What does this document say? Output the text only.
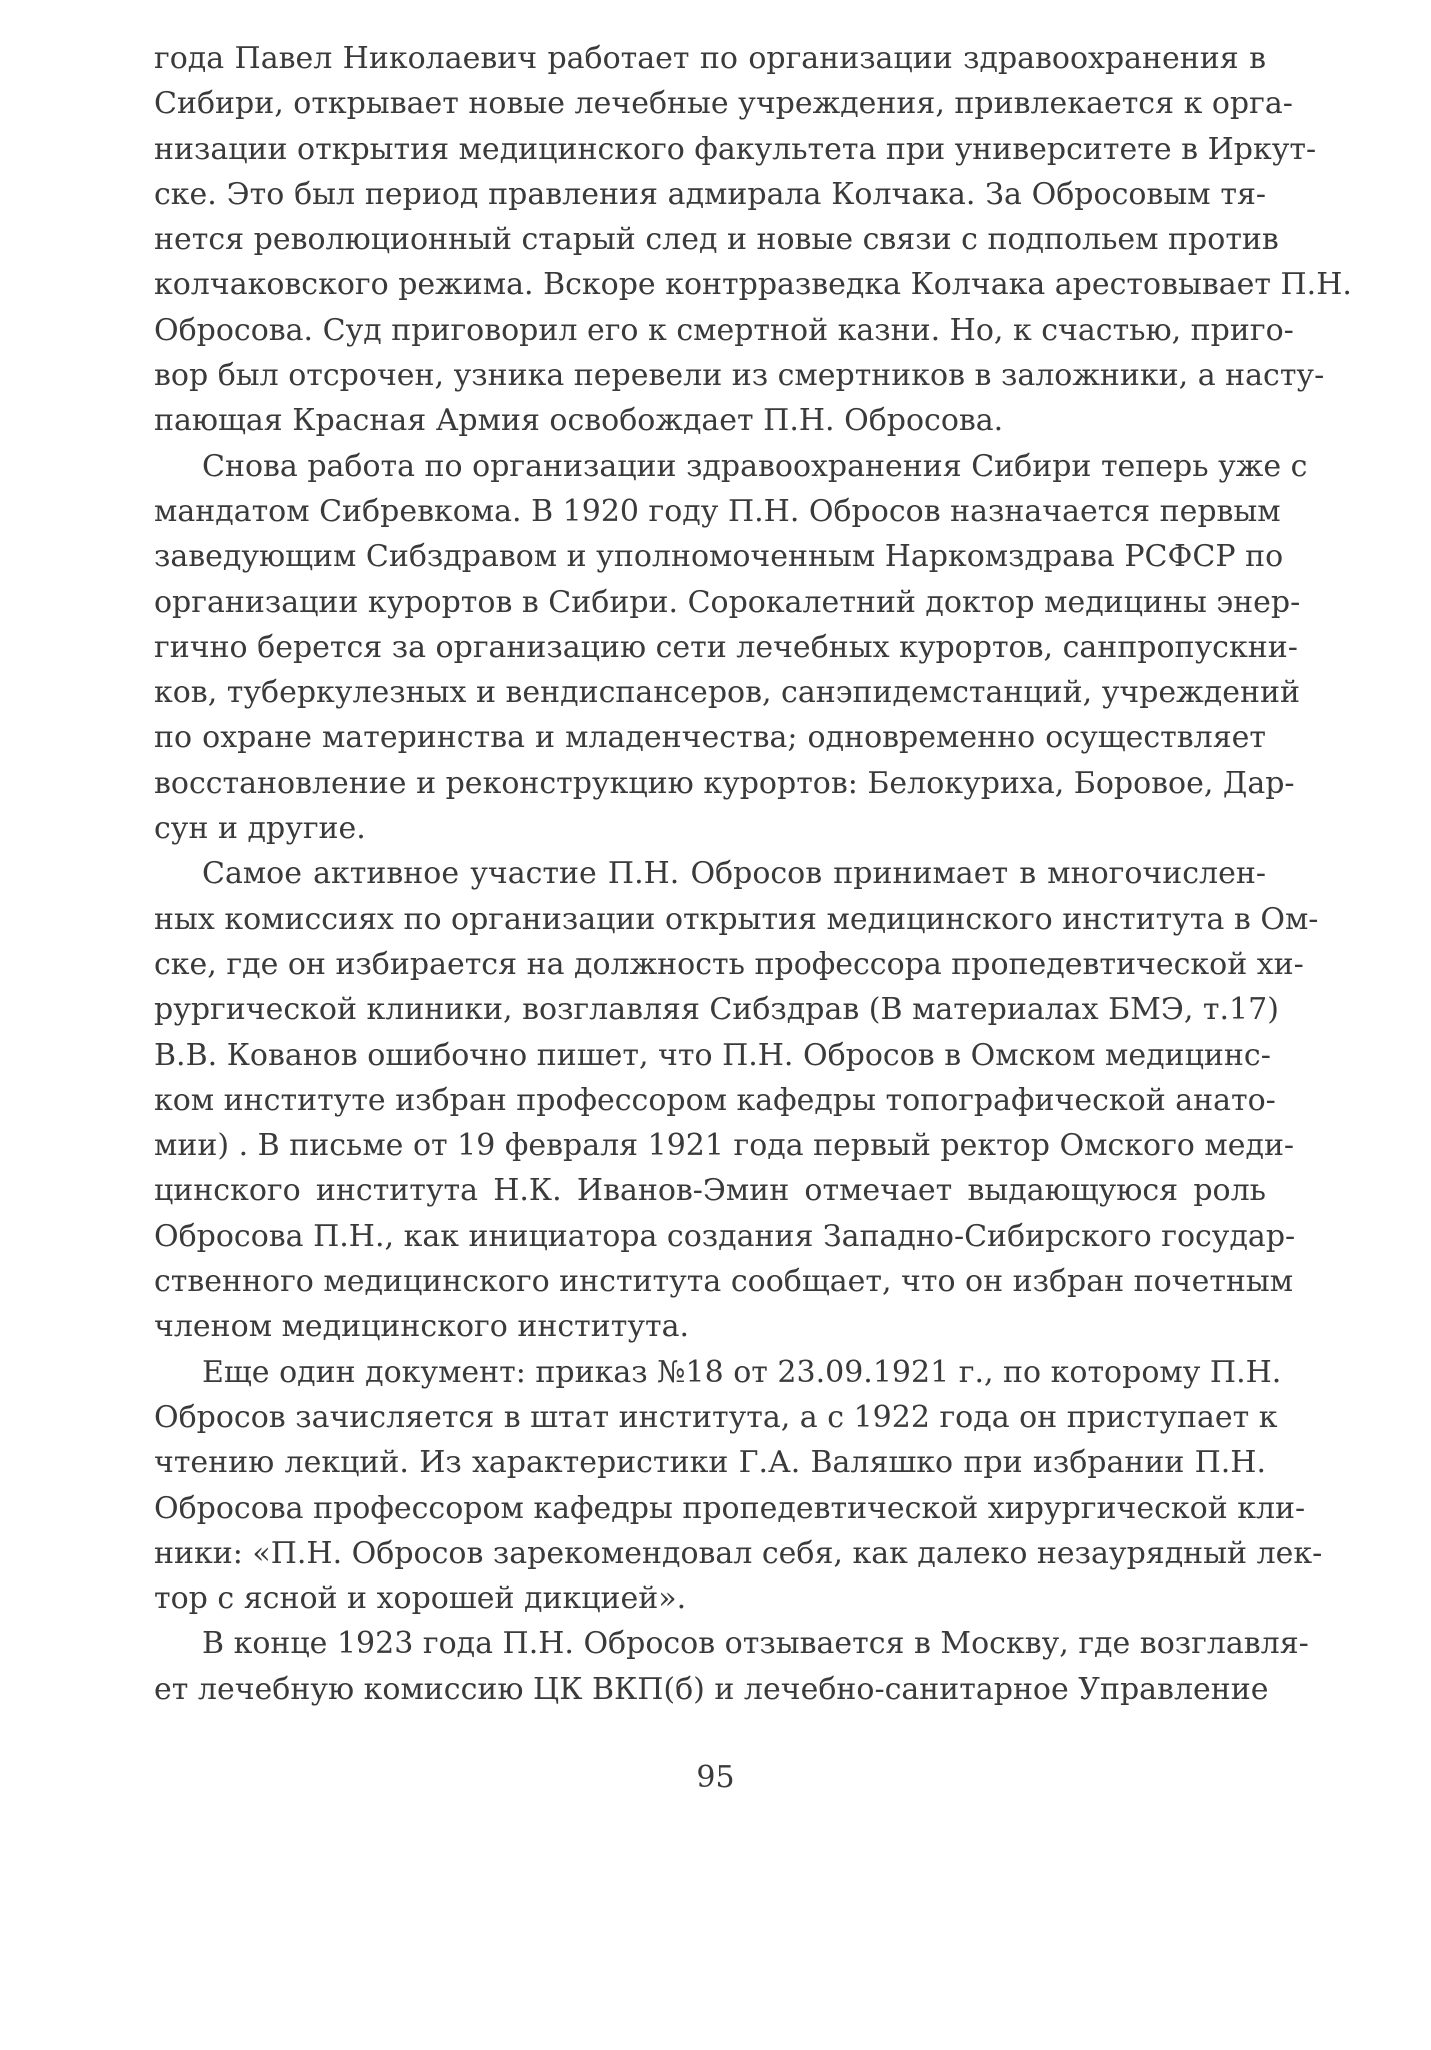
года Павел Николаевич работает по организации здравоохранения в
Сибири, открывает новые лечебные учреждения, привлекается к орга-
низации открытия медицинского факультета при университете в Иркут-
ске. Это был период правления адмирала Колчака. За Обросовым тя-
нется революционный старый след и новые связи с подпольем против
колчаковского режима. Вскоре контрразведка Колчака арестовывает П.Н.
Обросова. Суд приговорил его к смертной казни. Но, к счастью, приго-
вор был отсрочен, узника перевели из смертников в заложники, а насту-
пающая Красная Армия освобождает П.Н. Обросова.
Снова работа по организации здравоохранения Сибири теперь уже с
мандатом Сибревкома. В 1920 году П.Н. Обросов назначается первым
заведующим Сибздравом и уполномоченным Наркомздрава РСФСР по
организации курортов в Сибири. Сорокалетний доктор медицины энер-
гично берется за организацию сети лечебных курортов, санпропускни-
ков, туберкулезных и вендиспансеров, санэпидемстанций, учреждений
по охране материнства и младенчества; одновременно осуществляет
восстановление и реконструкцию курортов: Белокуриха, Боровое, Дар-
сун и другие.
Самое активное участие П.Н. Обросов принимает в многочислен-
ных комиссиях по организации открытия медицинского института в Ом-
ске, где он избирается на должность профессора пропедевтической хи-
рургической клиники, возглавляя Сибздрав (В материалах БМЭ, т.17)
В.В. Кованов ошибочно пишет, что П.Н. Обросов в Омском медицинс-
ком институте избран профессором кафедры топографической анато-
мии) . В письме от 19 февраля 1921 года первый ректор Омского меди-
цинского института Н.К. Иванов-Эмин отмечает выдающуюся роль
Обросова П.Н., как инициатора создания Западно-Сибирского государ-
ственного медицинского института сообщает, что он избран почетным
членом медицинского института.
Еще один документ: приказ №18 от 23.09.1921 г., по которому П.Н.
Обросов зачисляется в штат института, а с 1922 года он приступает к
чтению лекций. Из характеристики Г.А. Валяшко при избрании П.Н.
Обросова профессором кафедры пропедевтической хирургической кли-
ники: «П.Н. Обросов зарекомендовал себя, как далеко незаурядный лек-
тор с ясной и хорошей дикцией».
В конце 1923 года П.Н. Обросов отзывается в Москву, где возглавля-
ет лечебную комиссию ЦК ВКП(б) и лечебно-санитарное Управление
95
